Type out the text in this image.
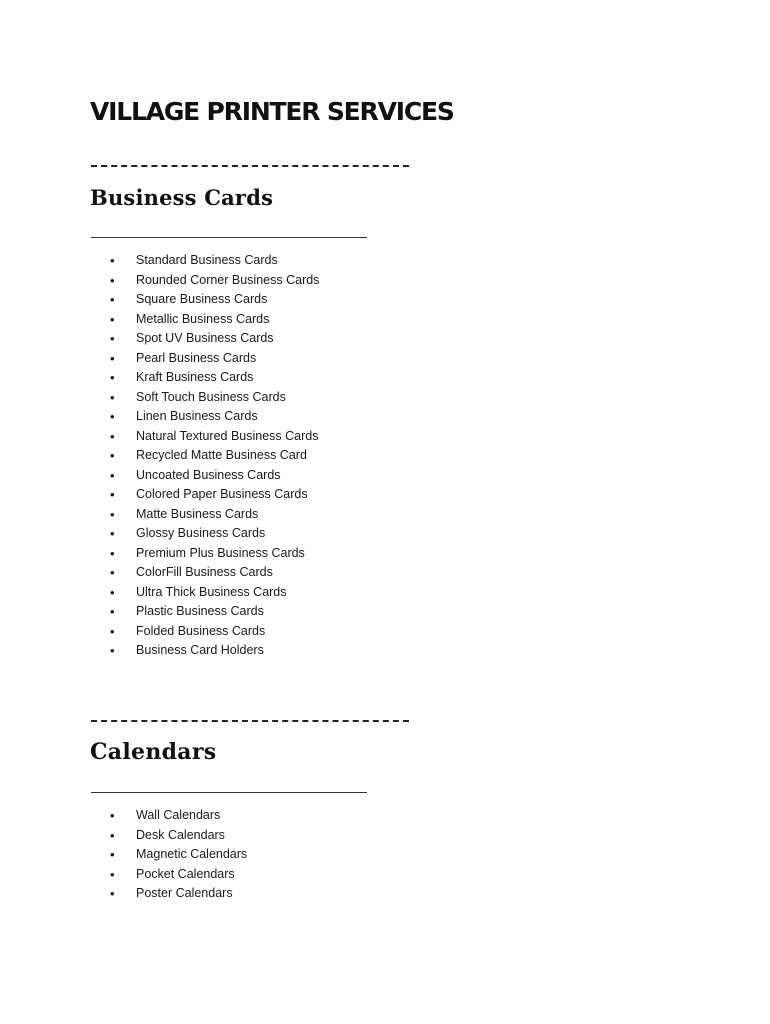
VILLAGE PRINTER SERVICES
Business Cards
• Standard Business Cards
• Rounded Corner Business Cards
• Square Business Cards
• Metallic Business Cards
• Spot UV Business Cards
• Pearl Business Cards
• Kraft Business Cards
• Soft Touch Business Cards
• Linen Business Cards
• Natural Textured Business Cards
• Recycled Matte Business Card
• Uncoated Business Cards
• Colored Paper Business Cards
• Matte Business Cards
• Glossy Business Cards
• Premium Plus Business Cards
• ColorFill Business Cards
• Ultra Thick Business Cards
• Plastic Business Cards
• Folded Business Cards
• Business Card Holders
Calendars
• Wall Calendars
• Desk Calendars
• Magnetic Calendars
• Pocket Calendars
• Poster Calendars
